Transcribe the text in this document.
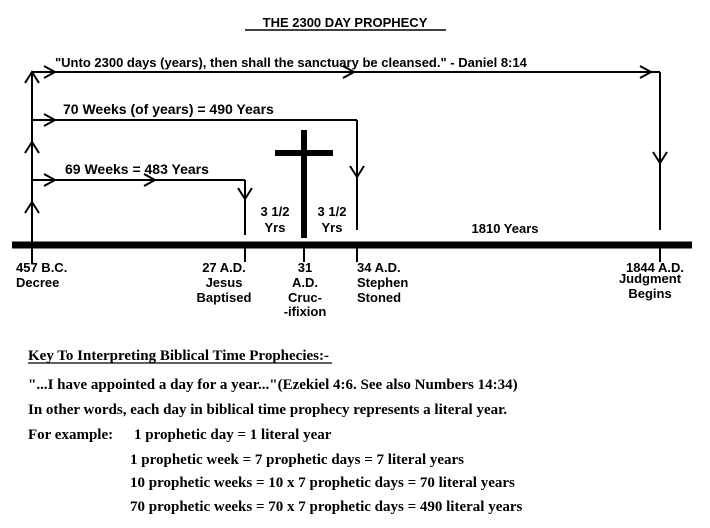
THE 2300 DAY PROPHECY
"Unto 2300 days (years), then shall the sanctuary be cleansed." - Daniel 8:14
70 Weeks (of years) = 490 Years
69 Weeks = 483 Years
3 1/2
Yrs
3 1/2
Yrs	1810 Years
457 B.C.
Decree
27 A.D.
Jesus
Baptised
31
A.D.
Cruc-
-ifixion
34 A.D.
Stephen
Stoned
1844 A.D.
Judgment
Begins
Key To Interpreting Biblical Time Prophecies:-
"...I have appointed a day for a year..."(Ezekiel 4:6. See also Numbers 14:34)
In other words, each day in biblical time prophecy represents a literal year.
For example: 1 prophetic day = 1 literal year
1 prophetic week = 7 prophetic days = 7 literal years
10 prophetic weeks = 10 x 7 prophetic days = 70 literal years
70 prophetic weeks = 70 x 7 prophetic days = 490 literal years
